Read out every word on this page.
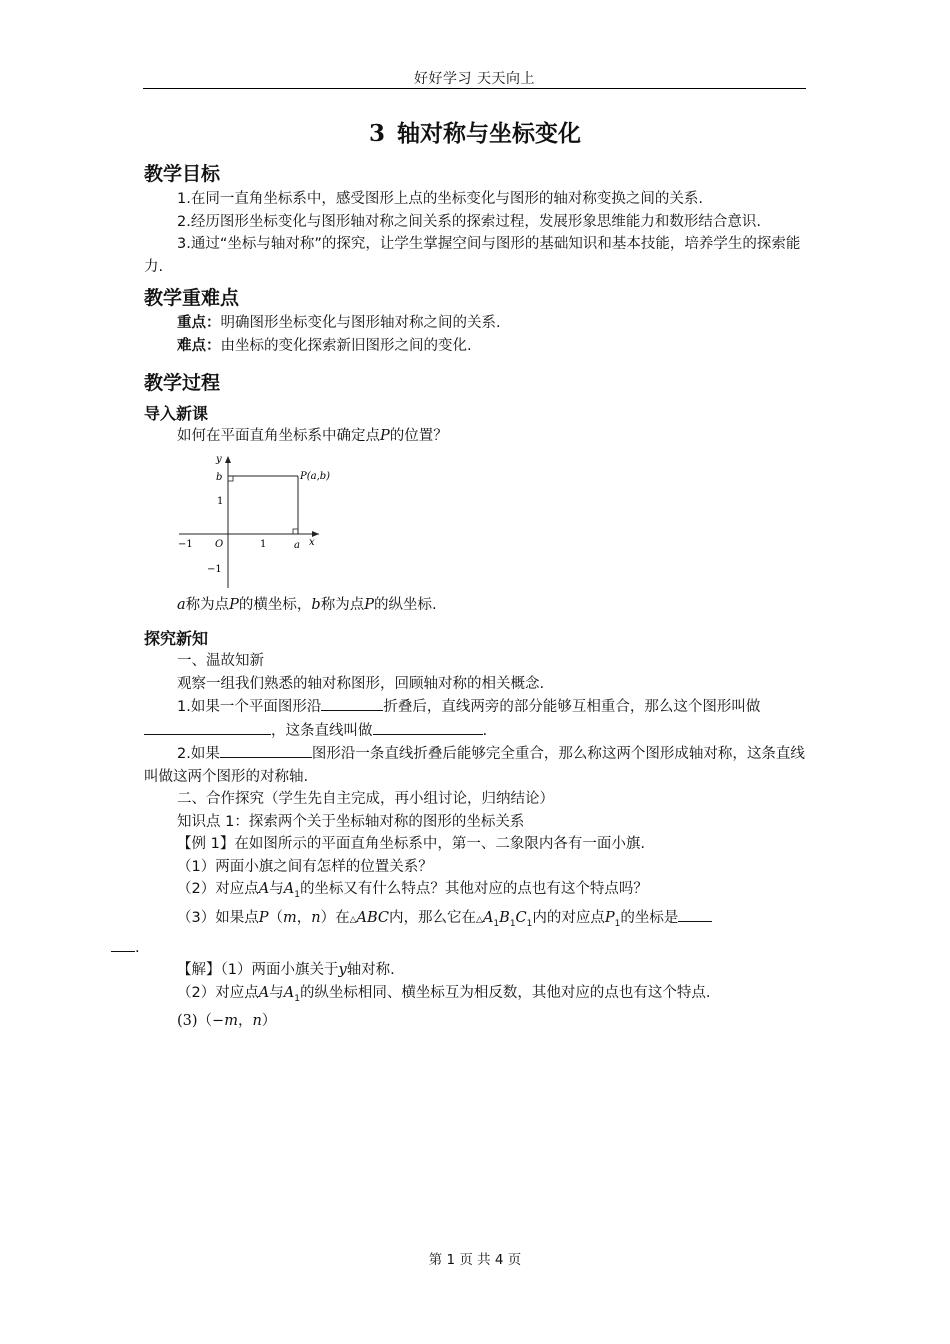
好好学习 天天向上
3 轴对称与坐标变化
教学目标

1.在同一直角坐标系中，感受图形上点的坐标变化与图形的轴对称变换之间的关系.

2.经历图形坐标变化与图形轴对称之间关系的探索过程，发展形象思维能力和数形结合意识.

3.通过“坐标与轴对称”的探究，让学生掌握空间与图形的基础知识和基本技能，培养学生的探索能力.

教学重难点

重点：明确图形坐标变化与图形轴对称之间的关系.

难点：由坐标的变化探索新旧图形之间的变化.

教学过程
导入新课

如何在平面直角坐标系中确定点P的位置？

y
b
1
−1
−1 O	1	a x
P(a,b)

a称为点P的横坐标，b称为点P的纵坐标.

探究新知

一、温故知新

观察一组我们熟悉的轴对称图形，回顾轴对称的相关概念.

1.如果一个平面图形沿	折叠后，直线两旁的部分能够互相重合，那么这个图形叫做，这条直线叫做	.

2.如果	图形沿一条直线折叠后能够完全重合，那么称这两个图形成轴对称，这条直线叫做这两个图形的对称轴.

二、合作探究（学生先自主完成，再小组讨论，归纳结论）

知识点 1：探索两个关于坐标轴对称的图形的坐标关系

【例 1】在如图所示的平面直角坐标系中，第一、二象限内各有一面小旗.

（1）两面小旗之间有怎样的位置关系？

（2）对应点A与$A_1$的坐标又有什么特点？其他对应的点也有这个特点吗？

（3）如果点P（m，n）在△ABC内，那么它在$\triangle A_1B_1C_1$内的对应点$P_1$的坐标是
.

【解】（1）两面小旗关于y轴对称.

（2）对应点A与$A_1$的纵坐标相同、横坐标互为相反数，其他对应的点也有这个特点.

(3)（−m，n）

第 1 页 共 4 页
